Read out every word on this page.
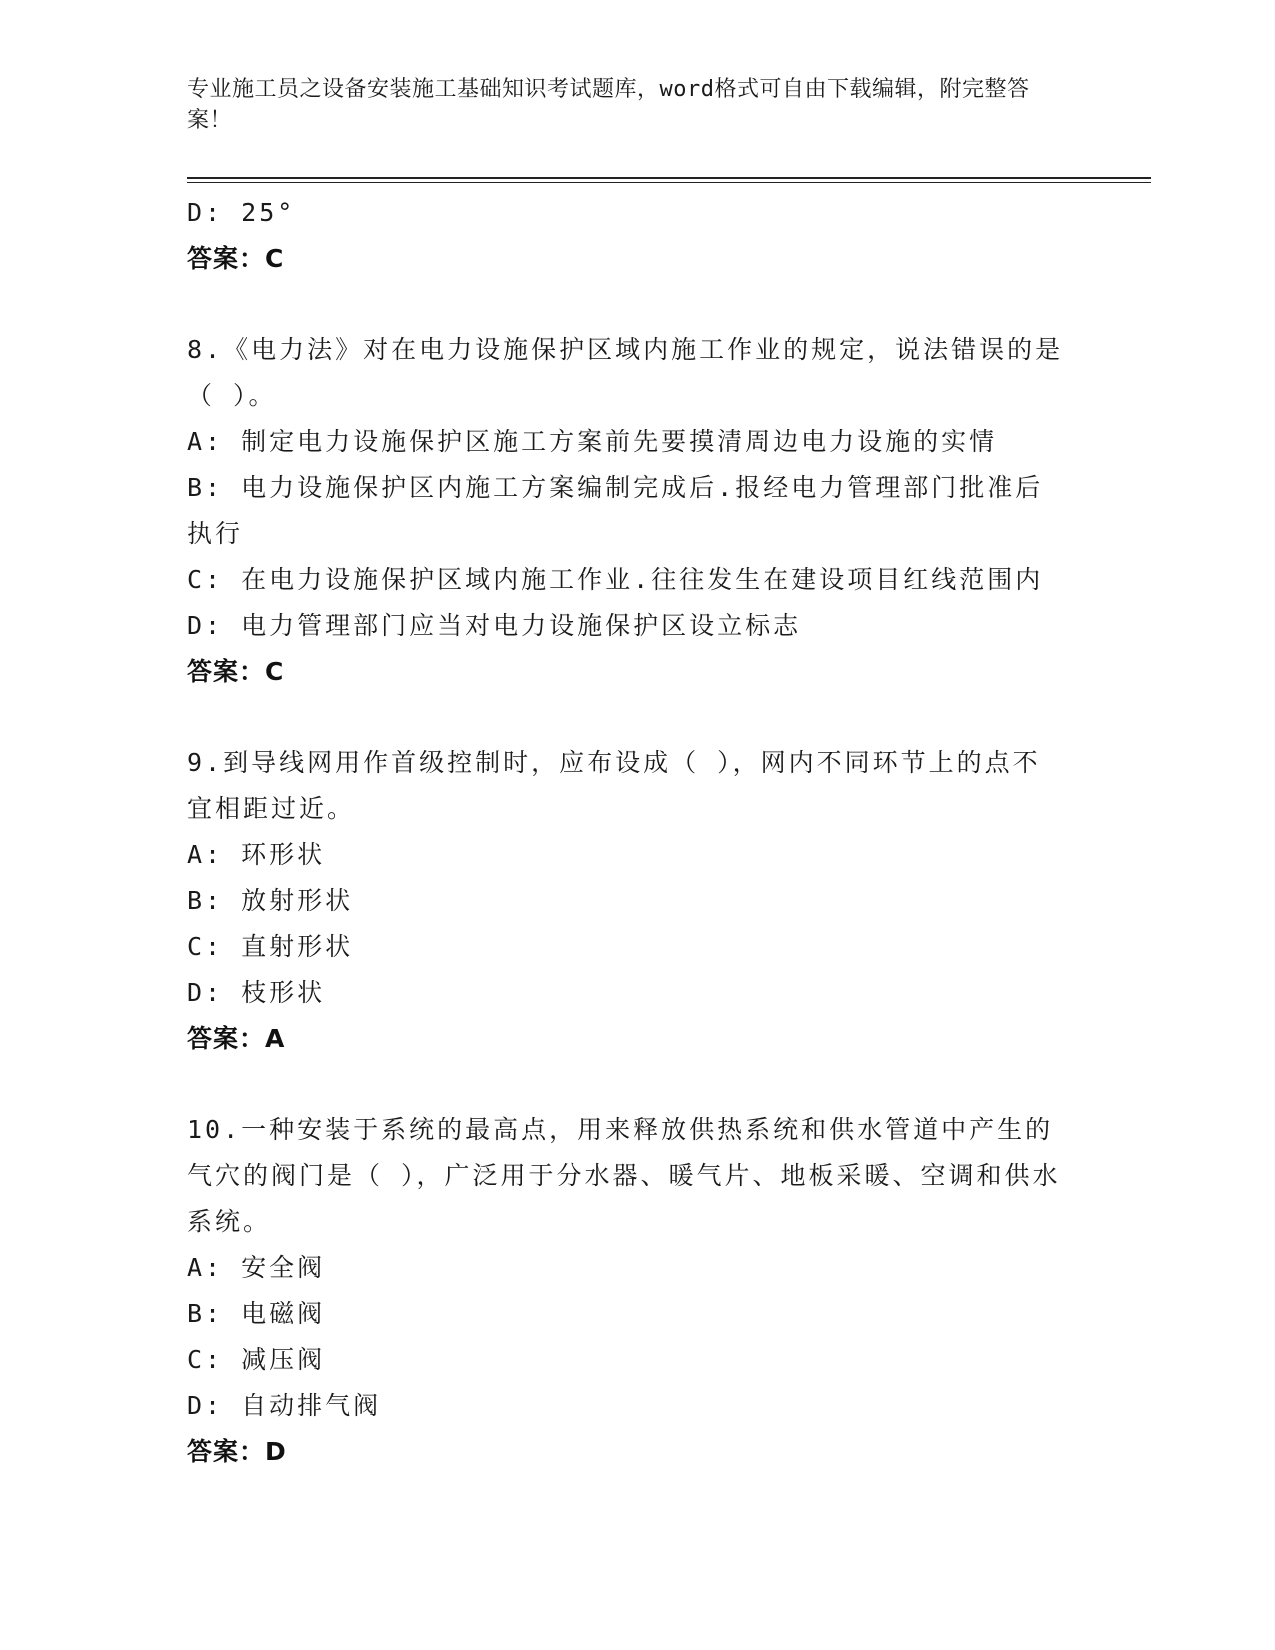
专业施工员之设备安装施工基础知识考试题库，word格式可自由下载编辑，附完整答案！
D: 25°
答案：C
8.《电力法》对在电力设施保护区域内施工作业的规定，说法错误的是（ ）。
A: 制定电力设施保护区施工方案前先要摸清周边电力设施的实情
B: 电力设施保护区内施工方案编制完成后.报经电力管理部门批准后执行
C: 在电力设施保护区域内施工作业.往往发生在建设项目红线范围内
D: 电力管理部门应当对电力设施保护区设立标志
答案：C
9.到导线网用作首级控制时，应布设成（ ），网内不同环节上的点不宜相距过近。
A: 环形状
B: 放射形状
C: 直射形状
D: 枝形状
答案：A
10.一种安装于系统的最高点，用来释放供热系统和供水管道中产生的气穴的阀门是（ ），广泛用于分水器、暖气片、地板采暖、空调和供水系统。
A: 安全阀
B: 电磁阀
C: 减压阀
D: 自动排气阀
答案：D
